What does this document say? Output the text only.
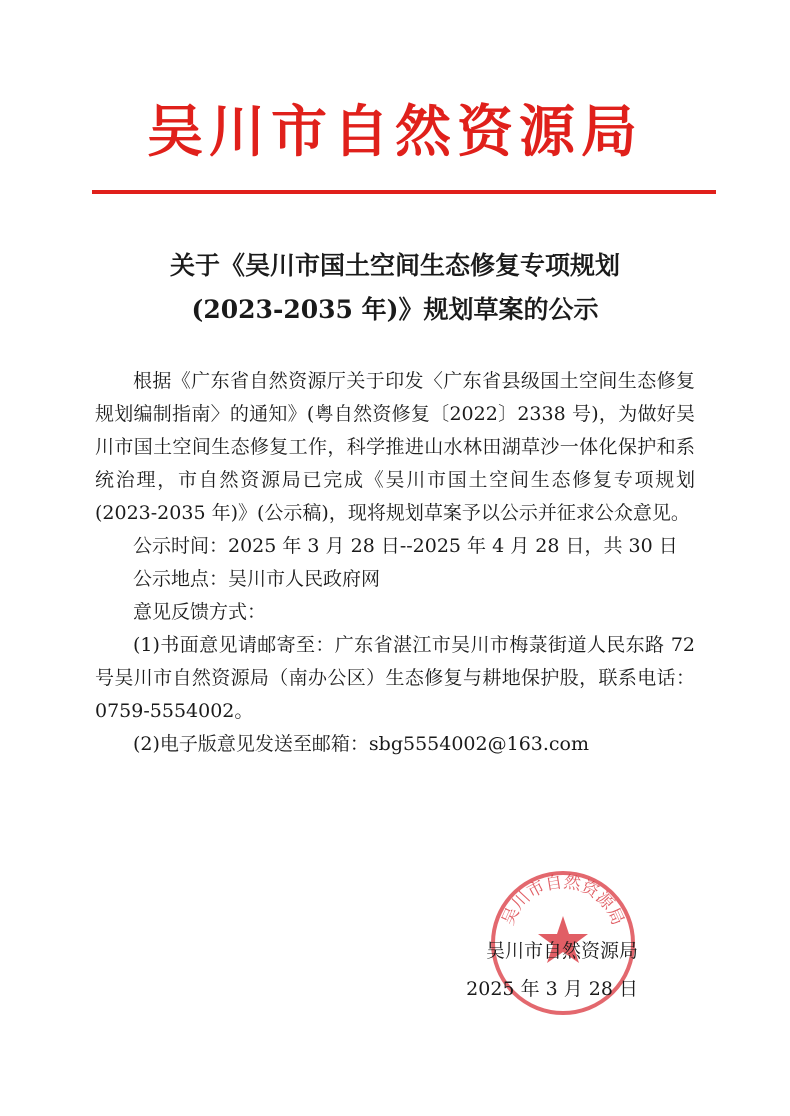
吴川市自然资源局
关于《吴川市国土空间生态修复专项规划
(2023-2035 年)》规划草案的公示

根据《广东省自然资源厅关于印发〈广东省县级国土空间生态修复规划编制指南〉的通知》(粤自然资修复〔2022〕2338 号)，为做好吴川市国土空间生态修复工作，科学推进山水林田湖草沙一体化保护和系统治理，市自然资源局已完成《吴川市国土空间生态修复专项规划(2023-2035 年)》(公示稿)，现将规划草案予以公示并征求公众意见。

公示时间：2025 年 3 月 28 日--2025 年 4 月 28 日，共 30 日

公示地点：吴川市人民政府网

意见反馈方式：

(1)书面意见请邮寄至：广东省湛江市吴川市梅菉街道人民东路 72 号吴川市自然资源局（南办公区）生态修复与耕地保护股，联系电话：0759-5554002。

(2)电子版意见发送至邮箱：sbg5554002@163.com

吴川市自然资源局
吴川市自然资源局
2025 年 3 月 28 日
